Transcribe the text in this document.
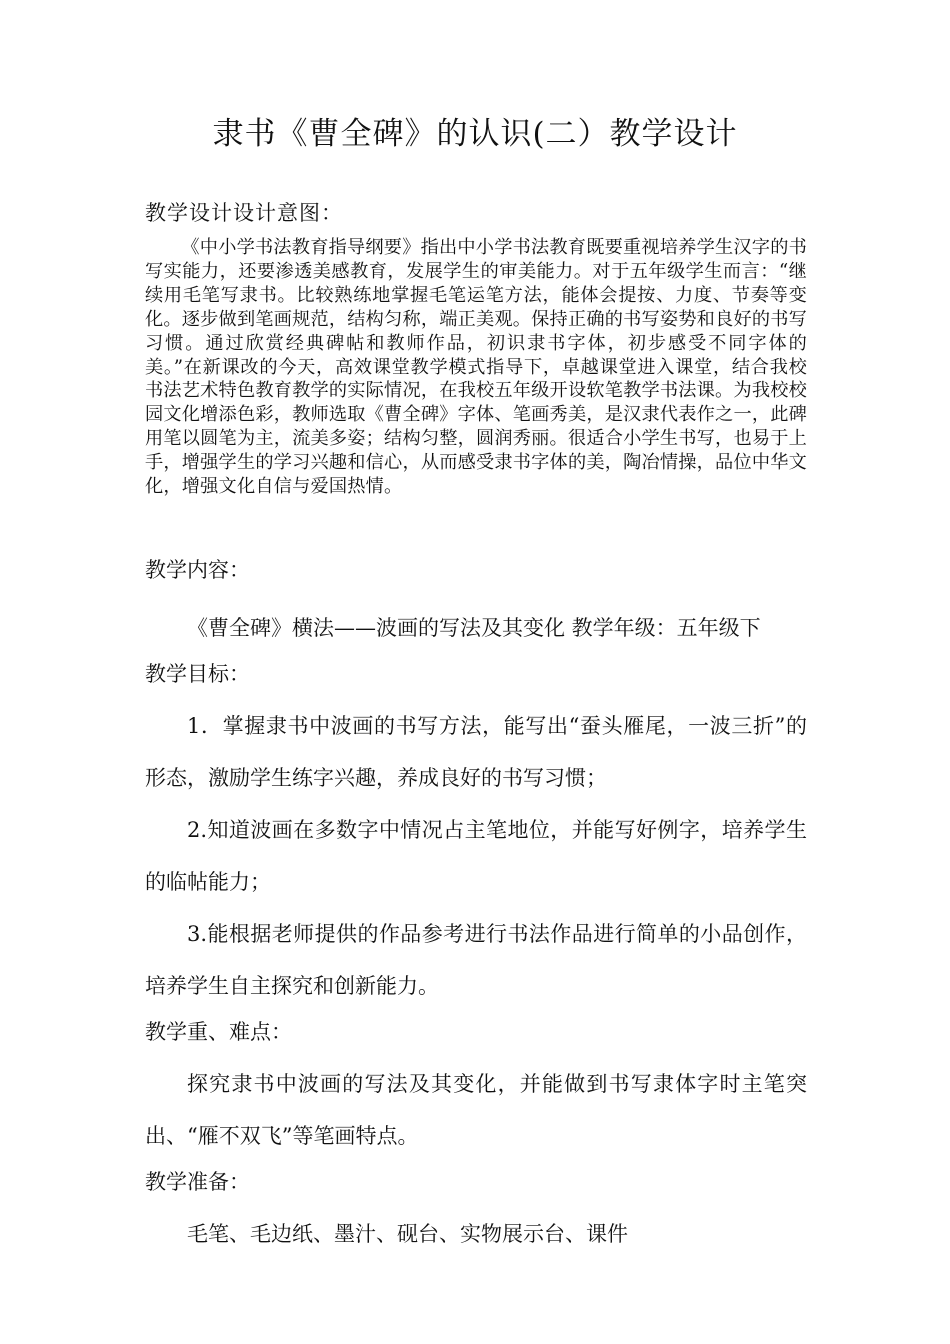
隶书《曹全碑》的认识(二）教学设计
教学设计设计意图：
《中小学书法教育指导纲要》指出中小学书法教育既要重视培养学生汉字的书写实能力，还要渗透美感教育，发展学生的审美能力。对于五年级学生而言：“继续用毛笔写隶书。比较熟练地掌握毛笔运笔方法，能体会提按、力度、节奏等变化。逐步做到笔画规范，结构匀称，端正美观。保持正确的书写姿势和良好的书写习惯。通过欣赏经典碑帖和教师作品，初识隶书字体，初步感受不同字体的美。”在新课改的今天，高效课堂教学模式指导下，卓越课堂进入课堂，结合我校书法艺术特色教育教学的实际情况，在我校五年级开设软笔教学书法课。为我校校园文化增添色彩，教师选取《曹全碑》字体、笔画秀美，是汉隶代表作之一，此碑用笔以圆笔为主，流美多姿；结构匀整，圆润秀丽。很适合小学生书写，也易于上手，增强学生的学习兴趣和信心，从而感受隶书字体的美，陶冶情操，品位中华文化，增强文化自信与爱国热情。
教学内容：
《曹全碑》横法——波画的写法及其变化 教学年级：五年级下
教学目标：
1．掌握隶书中波画的书写方法，能写出“蚕头雁尾，一波三折”的形态，激励学生练字兴趣，养成良好的书写习惯；
2.知道波画在多数字中情况占主笔地位，并能写好例字，培养学生的临帖能力；
3.能根据老师提供的作品参考进行书法作品进行简单的小品创作，培养学生自主探究和创新能力。
教学重、难点：
探究隶书中波画的写法及其变化，并能做到书写隶体字时主笔突出、“雁不双飞”等笔画特点。
教学准备：
毛笔、毛边纸、墨汁、砚台、实物展示台、课件
